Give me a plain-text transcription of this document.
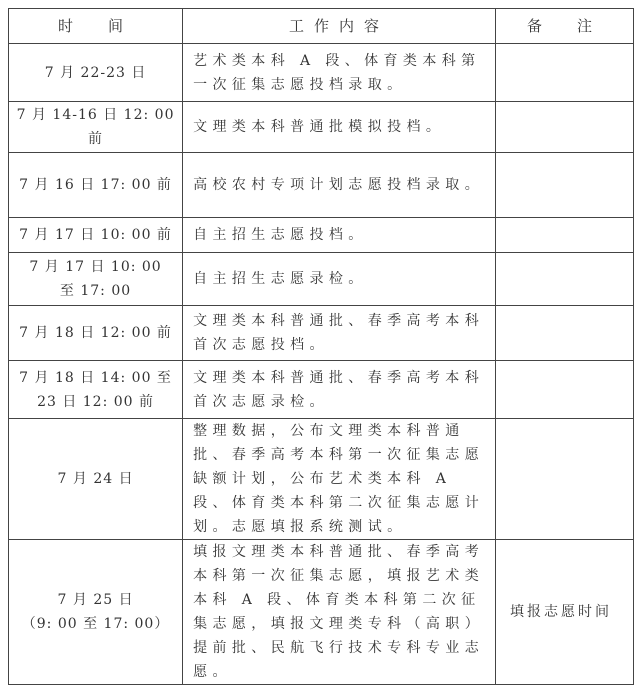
时　间	工作内容	备　注

7 月 22-23 日	艺术类本科 A 段、体育类本科第一次征集志愿投档录取。	

7 月 14-16 日 12: 00 前	文理类本科普通批模拟投档。	

7 月 16 日 17: 00 前	高校农村专项计划志愿投档录取。	

7 月 17 日 10: 00 前	自主招生志愿投档。	

7 月 17 日 10: 00
至 17: 00	自主招生志愿录检。	

7 月 18 日 12: 00 前	文理类本科普通批、春季高考本科首次志愿投档。	

7 月 18 日 14: 00 至
23 日 12: 00 前	文理类本科普通批、春季高考本科首次志愿录检。	

7 月 24 日	整理数据，公布文理类本科普通批、春季高考本科第一次征集志愿缺额计划，公布艺术类本科 A 段、体育类本科第二次征集志愿计划。志愿填报系统测试。	

7 月 25 日
（9: 00 至 17: 00）	填报文理类本科普通批、春季高考本科第一次征集志愿，填报艺术类本科 A 段、体育类本科第二次征集志愿，填报文理类专科（高职）提前批、民航飞行技术专科专业志愿。	填报志愿时间
